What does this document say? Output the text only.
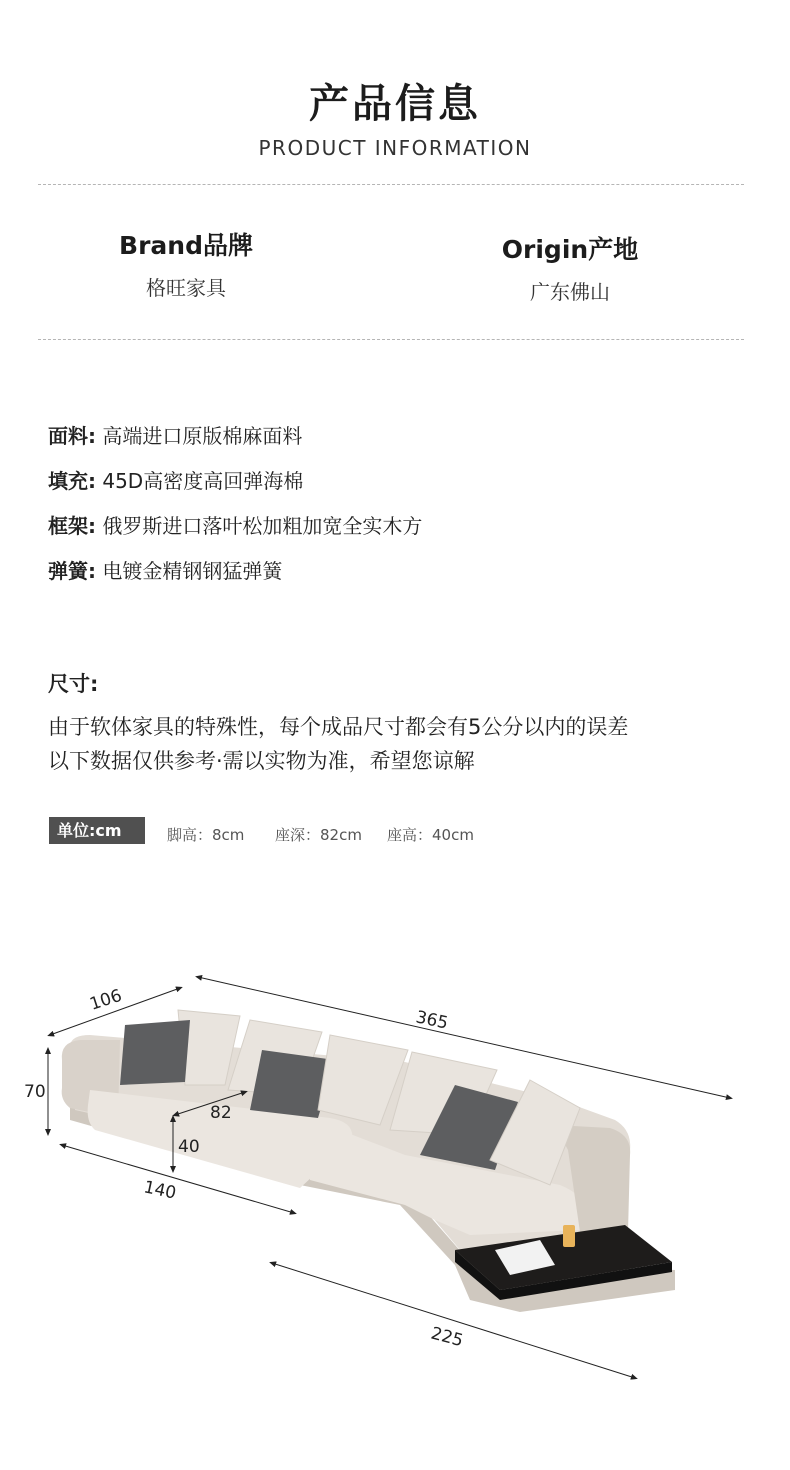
产品信息
PRODUCT INFORMATION
Brand品牌
格旺家具
Origin产地
广东佛山
面料: 高端进口原版棉麻面料
填充: 45D高密度高回弹海棉
框架: 俄罗斯进口落叶松加粗加宽全实木方
弹簧: 电镀金精钢钢猛弹簧
尺寸:
由于软体家具的特殊性，每个成品尺寸都会有5公分以内的误差
以下数据仅供参考·需以实物为准，希望您谅解
单位:cm	脚高：8cm 座深：82cm 座高：40cm
106
365
70
82
40
140
225
